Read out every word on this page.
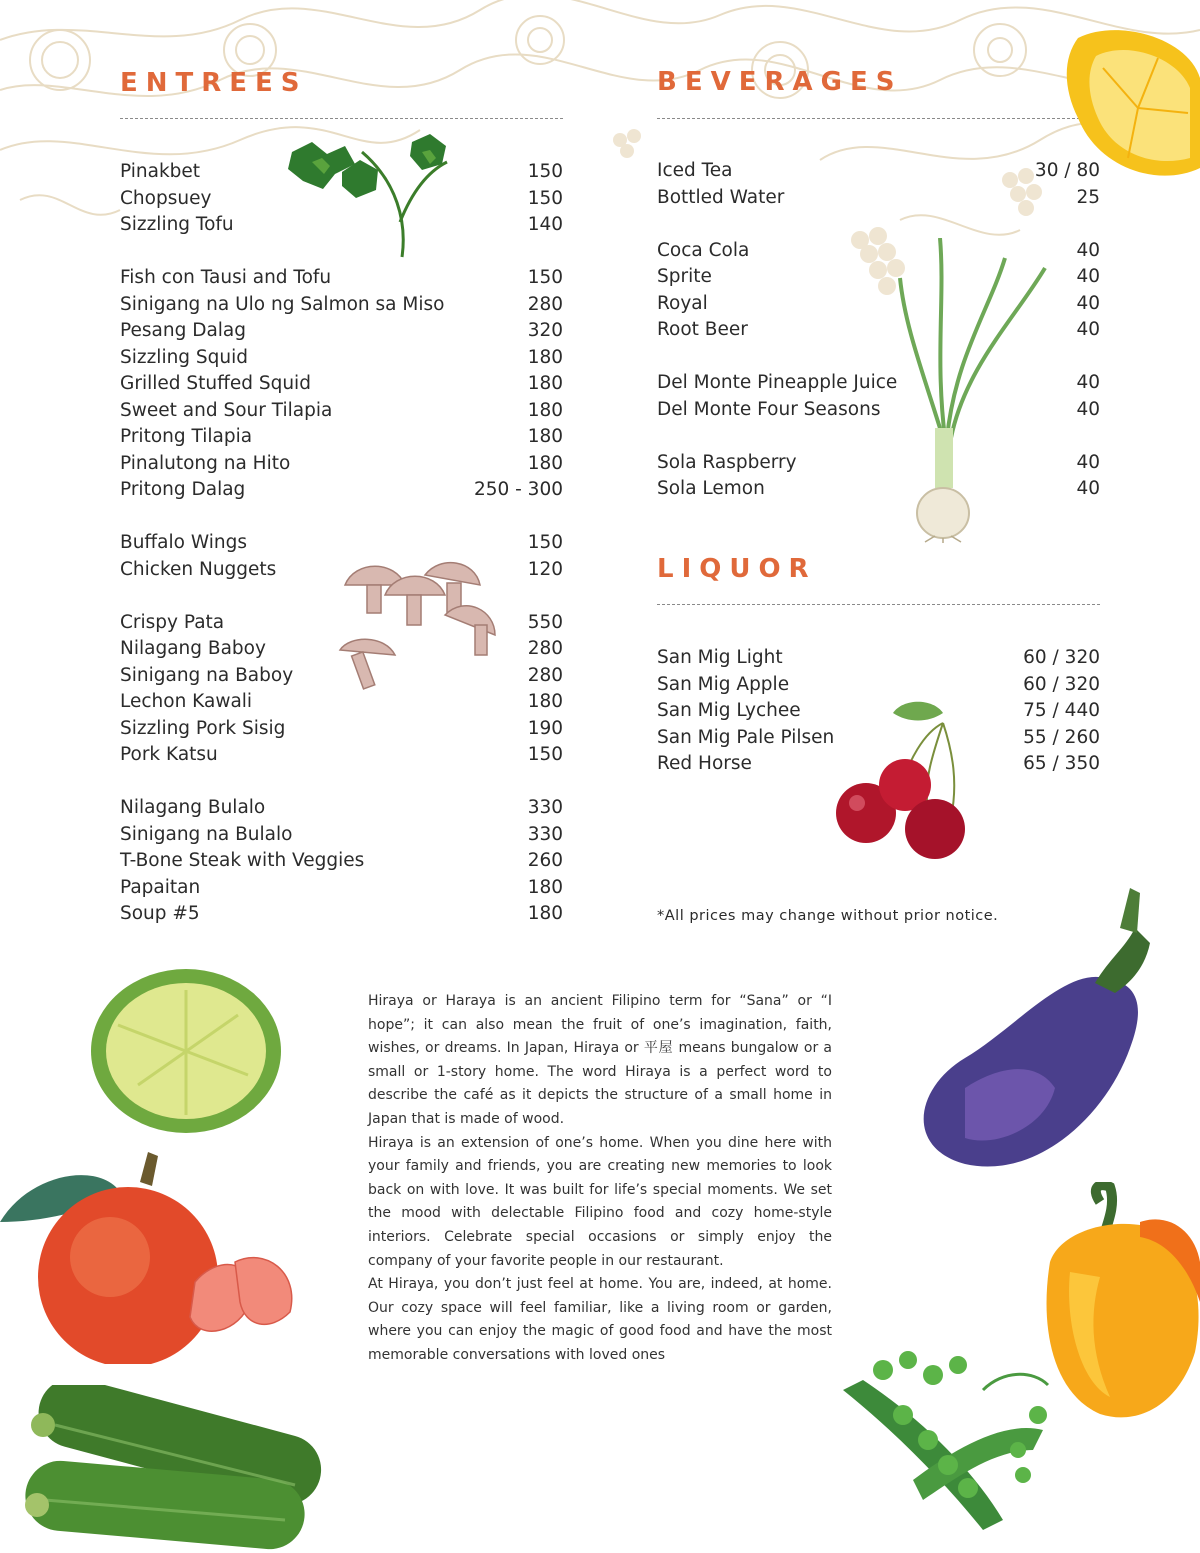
ENTREES
Pinakbet	150
Chopsuey	150
Sizzling Tofu	140
Fish con Tausi and Tofu	150
Sinigang na Ulo ng Salmon sa Miso	280
Pesang Dalag	320
Sizzling Squid	180
Grilled Stuffed Squid	180
Sweet and Sour Tilapia	180
Pritong Tilapia	180
Pinalutong na Hito	180
Pritong Dalag	250 - 300
Buffalo Wings	150
Chicken Nuggets	120
Crispy Pata	550
Nilagang Baboy	280
Sinigang na Baboy	280
Lechon Kawali	180
Sizzling Pork Sisig	190
Pork Katsu	150
Nilagang Bulalo	330
Sinigang na Bulalo	330
T-Bone Steak with Veggies	260
Papaitan	180
Soup #5	180
BEVERAGES
Iced Tea	30 / 80
Bottled Water	25
Coca Cola	40
Sprite	40
Royal	40
Root Beer	40
Del Monte Pineapple Juice	40
Del Monte Four Seasons	40
Sola Raspberry	40
Sola Lemon	40
LIQUOR
San Mig Light	60 / 320
San Mig Apple	60 / 320
San Mig Lychee	75 / 440
San Mig Pale Pilsen	55 / 260
Red Horse	65 / 350

*All prices may change without prior notice.

Hiraya or Haraya is an ancient Filipino term for “Sana” or “I hope”; it can also mean the fruit of one’s imagination, faith, wishes, or dreams. In Japan, Hiraya or 平屋 means bungalow or a small or 1-story home. The word Hiraya is a perfect word to describe the café as it depicts the structure of a small home in Japan that is made of wood.

Hiraya is an extension of one’s home. When you dine here with your family and friends, you are creating new memories to look back on with love. It was built for life’s special moments. We set the mood with delectable Filipino food and cozy home-style interiors. Celebrate special occasions or simply enjoy the company of your favorite people in our restaurant.

At Hiraya, you don’t just feel at home. You are, indeed, at home. Our cozy space will feel familiar, like a living room or garden, where you can enjoy the magic of good food and have the most memorable conversations with loved ones
